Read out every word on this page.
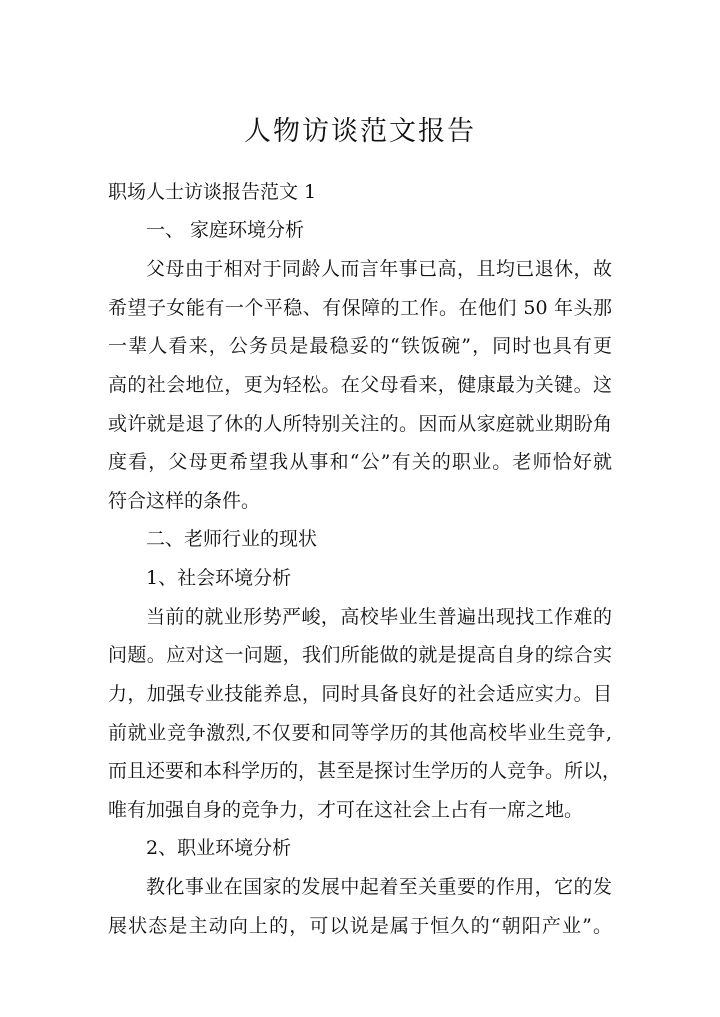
人物访谈范文报告
职场人士访谈报告范文 1
一、 家庭环境分析
父母由于相对于同龄人而言年事已高，且均已退休，故
希望子女能有一个平稳、有保障的工作。在他们 50 年头那
一辈人看来，公务员是最稳妥的“铁饭碗”，同时也具有更
高的社会地位，更为轻松。在父母看来，健康最为关键。这
或许就是退了休的人所特别关注的。因而从家庭就业期盼角
度看，父母更希望我从事和“公”有关的职业。老师恰好就
符合这样的条件。
二、老师行业的现状
1、社会环境分析
当前的就业形势严峻，高校毕业生普遍出现找工作难的
问题。应对这一问题，我们所能做的就是提高自身的综合实
力，加强专业技能养息，同时具备良好的社会适应实力。目
前就业竞争激烈,不仅要和同等学历的其他高校毕业生竞争,
而且还要和本科学历的，甚至是探讨生学历的人竞争。所以，
唯有加强自身的竞争力，才可在这社会上占有一席之地。
2、职业环境分析
教化事业在国家的发展中起着至关重要的作用，它的发
展状态是主动向上的，可以说是属于恒久的“朝阳产业”。
